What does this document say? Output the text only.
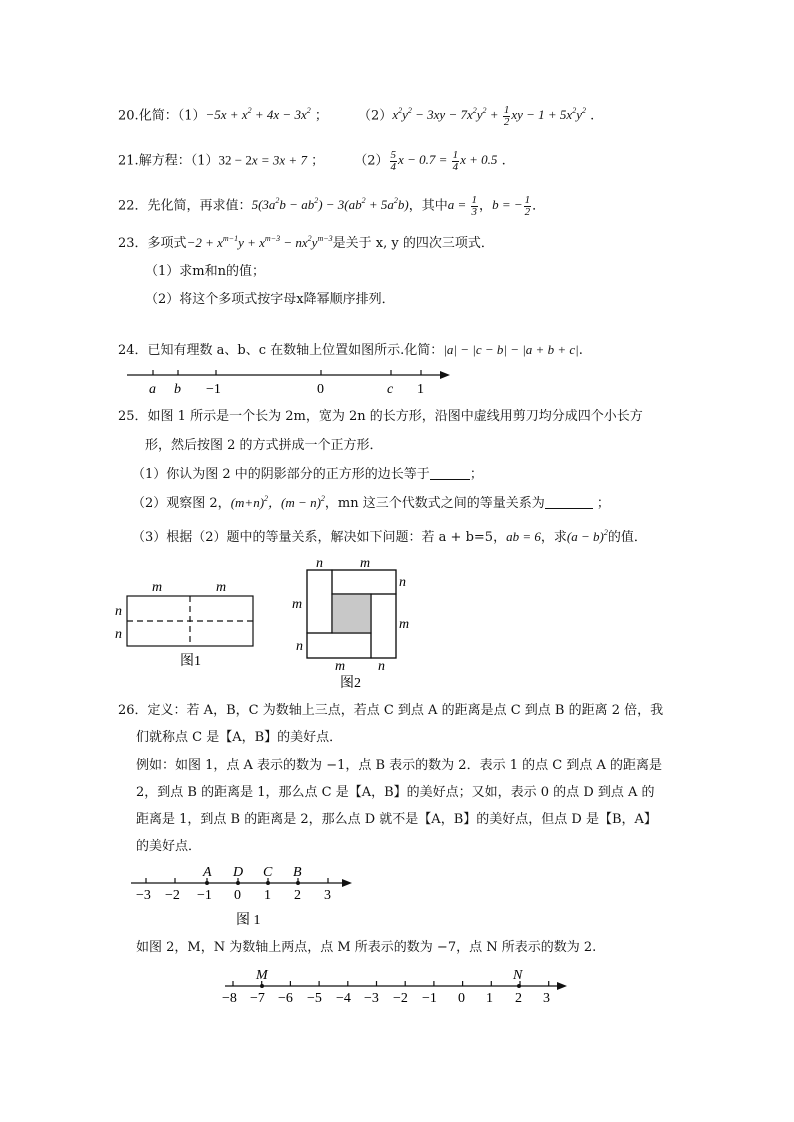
20.化简：$(1)-5x + x^2 + 4x - 3x^2$ ； $(2)x^2y^2 - 3xy - 7x^2y^2 + \frac{1}{2}$ xy − $1 + 5x^2y^2$ .
21.解方程：（1）32 − 2x = 3x + 7 ； $(2) \frac{5}{4}$ $x - 0.7 = \frac{1}{4}$ x + 0.5 .
22．先化简，再求值：$5(3a^2b - ab^2) - 3(ab^2 + 5a^2b)$，其中$a = \frac{1}{3}$ ，b = − $\frac{1}{2}$ ．
23．多项式$-2 + x^{m-1}y + x^{m-3} - nx^2y^{m-3}$是关于 x, y 的四次三项式．
（1）求m和n的值；
（2）将这个多项式按字母x降幂顺序排列．
24．已知有理数 a、b、c 在数轴上位置如图所示.化简：|a| − |c − b| − |a + b + c|.
a b −1	0	c 1
25．如图 1 所示是一个长为 2m，宽为 2n 的长方形，沿图中虚线用剪刀均分成四个小长方
形，然后按图 2 的方式拼成一个正方形．
（1）你认为图 2 中的阴影部分的正方形的边长等于	；
（2）观察图 2，$(m+n)^2$，$(m - n)^2$，mn 这三个代数式之间的等量关系为	；
（3）根据（2）题中的等量关系，解决如下问题：若 a + b=5，ab = 6，求$(a - b)^2$的值．
m	m
n
n
图1
n	m
n
m
m
n
m n
图2
26．定义：若 A，B，C 为数轴上三点，若点 C 到点 A 的距离是点 C 到点 B 的距离 2 倍，我
们就称点 C 是【A，B】的美好点．
例如：如图 1，点 A 表示的数为 −1，点 B 表示的数为 2．表示 1 的点 C 到点 A 的距离是
2，到点 B 的距离是 1，那么点 C 是【A，B】的美好点；又如，表示 0 的点 D 到点 A 的
距离是 1，到点 B 的距离是 2，那么点 D 就不是【A，B】的美好点，但点 D 是【B，A】
的美好点．
A D C B
−3 −2 −1 0 1 2 3
图 1
如图 2，M，N 为数轴上两点，点 M 所表示的数为 −7，点 N 所表示的数为 2.
M	N
−8 −7 −6 −5 −4 −3 −2 −1 0 1 2 3
